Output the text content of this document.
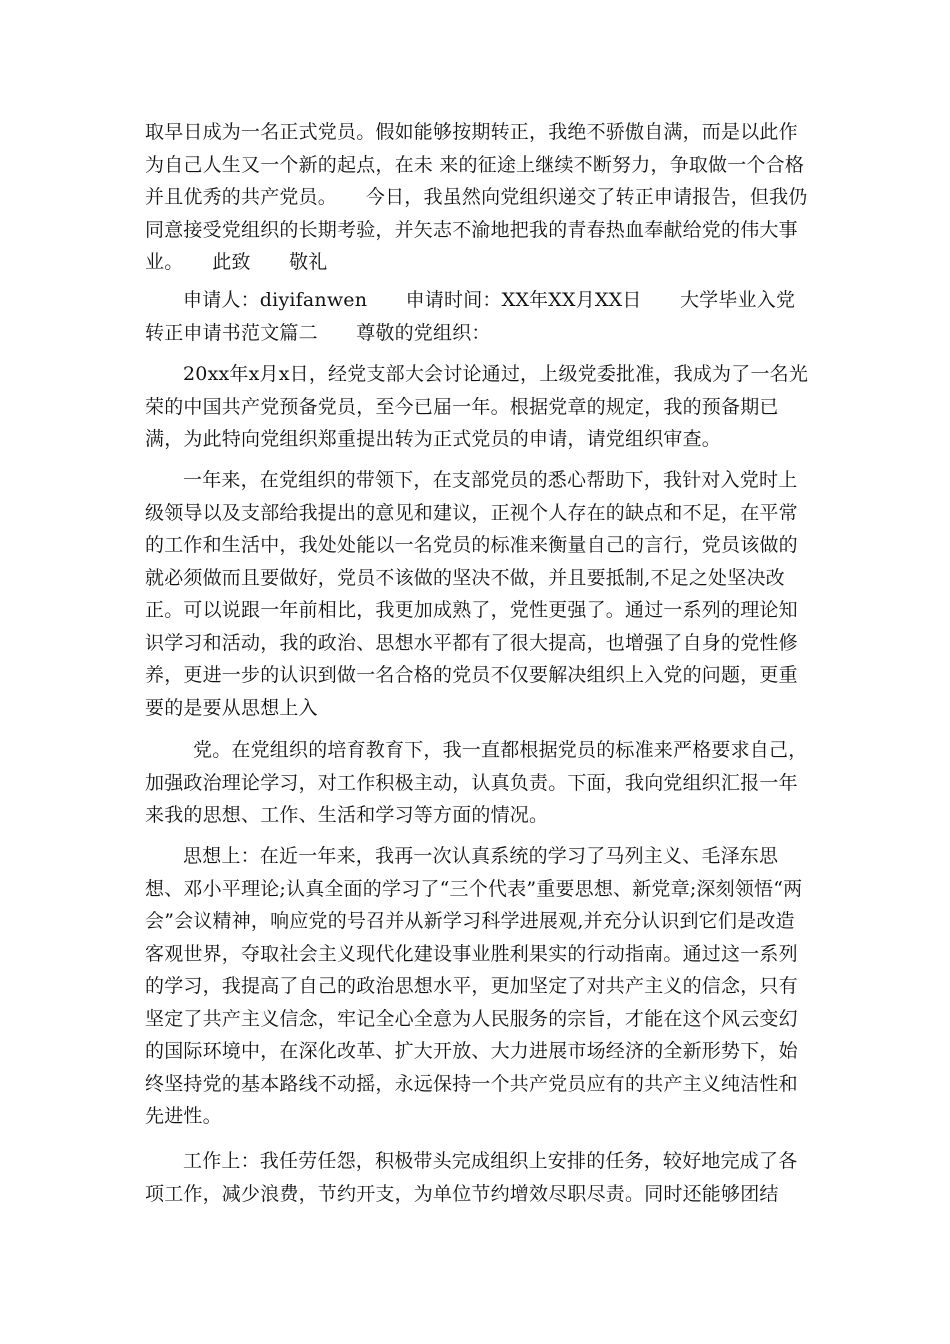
取早日成为一名正式党员。假如能够按期转正，我绝不骄傲自满，而是以此作为自己人生又一个新的起点，在未 来的征途上继续不断努力，争取做一个合格并且优秀的共产党员。　　今日，我虽然向党组织递交了转正申请报告，但我仍同意接受党组织的长期考验，并矢志不渝地把我的青春热血奉献给党的伟大事业。　　此致　　敬礼

申请人：diyifanwen　　申请时间：XX年XX月XX日　　大学毕业入党转正申请书范文篇二　　尊敬的党组织：

20xx年x月x日，经党支部大会讨论通过，上级党委批准，我成为了一名光荣的中国共产党预备党员，至今已届一年。根据党章的规定，我的预备期已满，为此特向党组织郑重提出转为正式党员的申请，请党组织审查。

一年来，在党组织的带领下，在支部党员的悉心帮助下，我针对入党时上级领导以及支部给我提出的意见和建议，正视个人存在的缺点和不足，在平常的工作和生活中，我处处能以一名党员的标准来衡量自己的言行，党员该做的就必须做而且要做好，党员不该做的坚决不做，并且要抵制,不足之处坚决改正。可以说跟一年前相比，我更加成熟了，党性更强了。通过一系列的理论知识学习和活动，我的政治、思想水平都有了很大提高，也增强了自身的党性修养，更进一步的认识到做一名合格的党员不仅要解决组织上入党的问题，更重要的是要从思想上入

党。在党组织的培育教育下，我一直都根据党员的标准来严格要求自己，加强政治理论学习，对工作积极主动，认真负责。下面，我向党组织汇报一年来我的思想、工作、生活和学习等方面的情况。

思想上：在近一年来，我再一次认真系统的学习了马列主义、毛泽东思想、邓小平理论;认真全面的学习了“三个代表”重要思想、新党章;深刻领悟“两会”会议精神，响应党的号召并从新学习科学进展观,并充分认识到它们是改造客观世界，夺取社会主义现代化建设事业胜利果实的行动指南。通过这一系列的学习，我提高了自己的政治思想水平，更加坚定了对共产主义的信念，只有坚定了共产主义信念，牢记全心全意为人民服务的宗旨，才能在这个风云变幻的国际环境中，在深化改革、扩大开放、大力进展市场经济的全新形势下，始终坚持党的基本路线不动摇，永远保持一个共产党员应有的共产主义纯洁性和先进性。

工作上：我任劳任怨，积极带头完成组织上安排的任务，较好地完成了各项工作，减少浪费，节约开支，为单位节约增效尽职尽责。同时还能够团结
